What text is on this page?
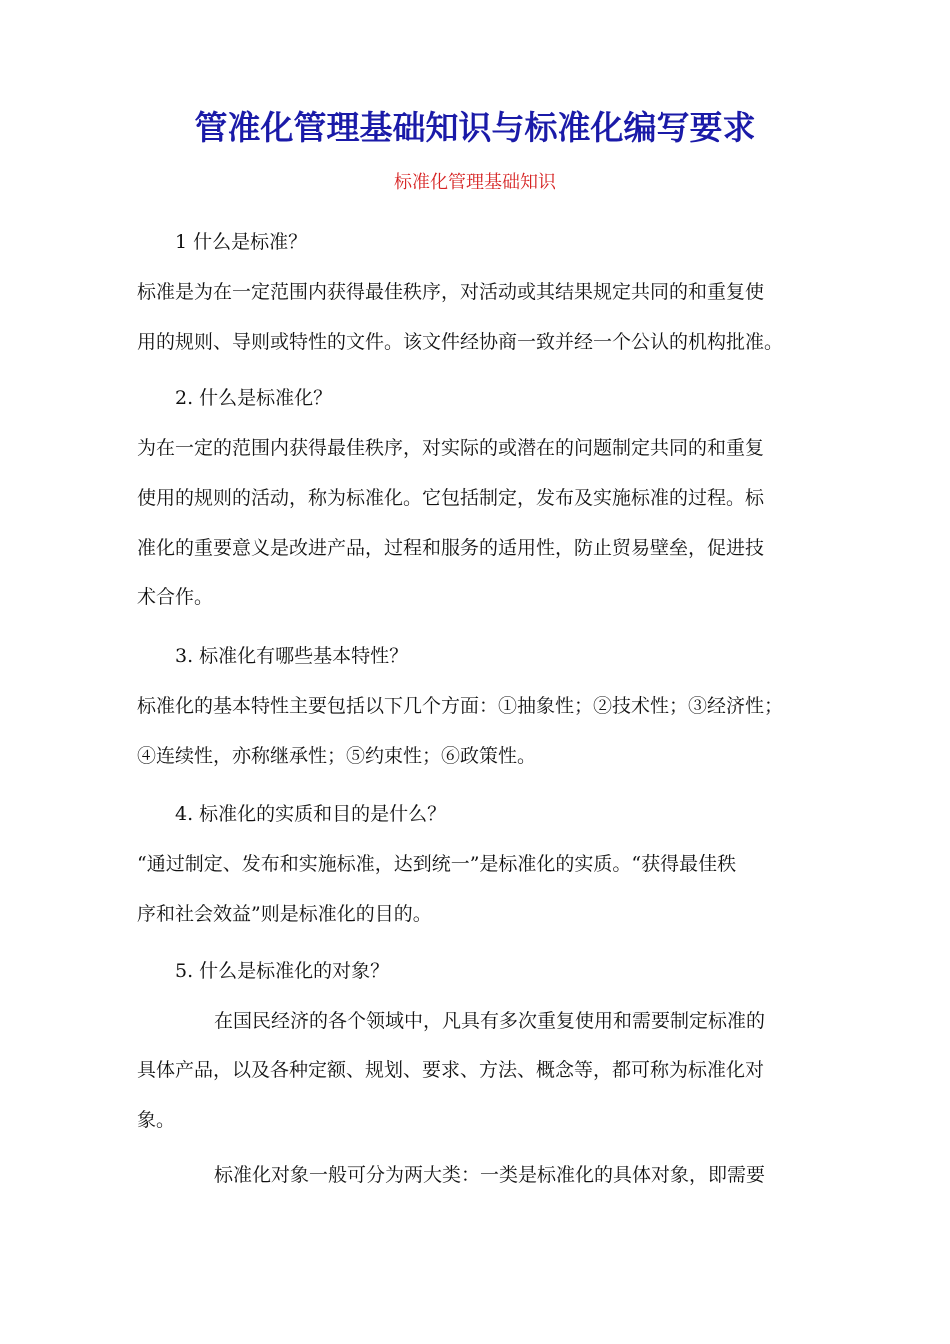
管准化管理基础知识与标准化编写要求
标准化管理基础知识
1 什么是标准？
标准是为在一定范围内获得最佳秩序，对活动或其结果规定共同的和重复使
用的规则、导则或特性的文件。该文件经协商一致并经一个公认的机构批准。
2. 什么是标准化？
为在一定的范围内获得最佳秩序，对实际的或潜在的问题制定共同的和重复
使用的规则的活动，称为标准化。它包括制定，发布及实施标准的过程。标
准化的重要意义是改进产品，过程和服务的适用性，防止贸易壁垒，促进技
术合作。
3. 标准化有哪些基本特性？
标准化的基本特性主要包括以下几个方面：①抽象性；②技术性；③经济性；
④连续性，亦称继承性；⑤约束性；⑥政策性。
4. 标准化的实质和目的是什么？
“通过制定、发布和实施标准，达到统一”是标准化的实质。“获得最佳秩
序和社会效益”则是标准化的目的。
5. 什么是标准化的对象？
在国民经济的各个领域中，凡具有多次重复使用和需要制定标准的
具体产品，以及各种定额、规划、要求、方法、概念等，都可称为标准化对
象。
标准化对象一般可分为两大类：一类是标准化的具体对象，即需要
